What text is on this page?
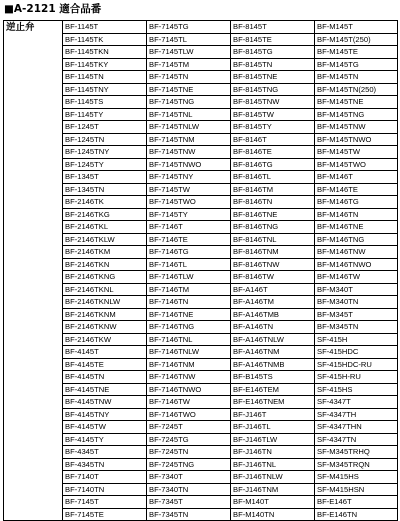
■A-2121 適合品番
逆止弁	BF-1145T	BF-7145TG	BF-8145T	BF-M145T
	BF-1145TK	BF-7145TL	BF-8145TE	BF-M145T(250)
	BF-1145TKN	BF-7145TLW	BF-8145TG	BF-M145TE
	BF-1145TKY	BF-7145TM	BF-8145TN	BF-M145TG
	BF-1145TN	BF-7145TN	BF-8145TNE	BF-M145TN
	BF-1145TNY	BF-7145TNE	BF-8145TNG	BF-M145TN(250)
	BF-1145TS	BF-7145TNG	BF-8145TNW	BF-M145TNE
	BF-1145TY	BF-7145TNL	BF-8145TW	BF-M145TNG
	BF-1245T	BF-7145TNLW	BF-8145TY	BF-M145TNW
	BF-1245TN	BF-7145TNM	BF-8146T	BF-M145TNWO
	BF-1245TNY	BF-7145TNW	BF-8146TE	BF-M145TW
	BF-1245TY	BF-7145TNWO	BF-8146TG	BF-M145TWO
	BF-1345T	BF-7145TNY	BF-8146TL	BF-M146T
	BF-1345TN	BF-7145TW	BF-8146TM	BF-M146TE
	BF-2146TK	BF-7145TWO	BF-8146TN	BF-M146TG
	BF-2146TKG	BF-7145TY	BF-8146TNE	BF-M146TN
	BF-2146TKL	BF-7146T	BF-8146TNG	BF-M146TNE
	BF-2146TKLW	BF-7146TE	BF-8146TNL	BF-M146TNG
	BF-2146TKM	BF-7146TG	BF-8146TNM	BF-M146TNW
	BF-2146TKN	BF-7146TL	BF-8146TNW	BF-M146TNWO
	BF-2146TKNG	BF-7146TLW	BF-8146TW	BF-M146TW
	BF-2146TKNL	BF-7146TM	BF-A146T	BF-M340T
	BF-2146TKNLW	BF-7146TN	BF-A146TM	BF-M340TN
	BF-2146TKNM	BF-7146TNE	BF-A146TMB	BF-M345T
	BF-2146TKNW	BF-7146TNG	BF-A146TN	BF-M345TN
	BF-2146TKW	BF-7146TNL	BF-A146TNLW	SF-415H
	BF-4145T	BF-7146TNLW	BF-A146TNM	SF-415HDC
	BF-4145TE	BF-7146TNM	BF-A146TNMB	SF-415HDC-RU
	BF-4145TN	BF-7146TNW	BF-B145TS	SF-415H-RU
	BF-4145TNE	BF-7146TNWO	BF-E146TEM	SF-415HS
	BF-4145TNW	BF-7146TW	BF-E146TNEM	SF-4347T
	BF-4145TNY	BF-7146TWO	BF-J146T	SF-4347TH
	BF-4145TW	BF-7245T	BF-J146TL	SF-4347THN
	BF-4145TY	BF-7245TG	BF-J146TLW	SF-4347TN
	BF-4345T	BF-7245TN	BF-J146TN	SF-M345TRHQ
	BF-4345TN	BF-7245TNG	BF-J146TNL	SF-M345TRQN
	BF-7140T	BF-7340T	BF-J146TNLW	SF-M415HS
	BF-7140TN	BF-7340TN	BF-J146TNM	SF-M415HSN
	BF-7145T	BF-7345T	BF-M140T	BF-E146T
	BF-7145TE	BF-7345TN	BF-M140TN	BF-E146TN
